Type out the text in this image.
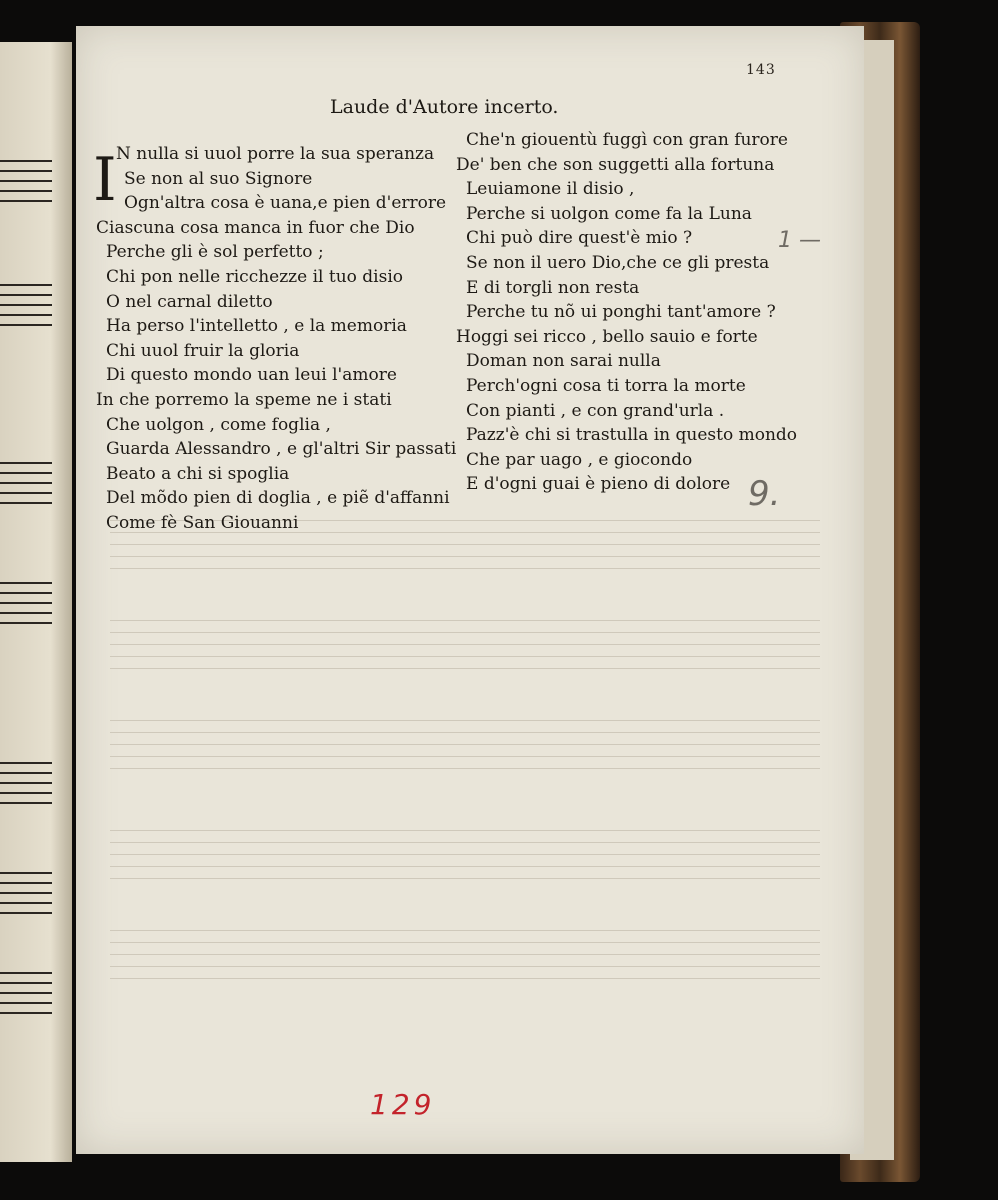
143
Laude d'Autore incerto.
I N nulla si uuol porre la sua speranza
Se non al suo Signore
Ogn'altra cosa è uana,e pien d'errore
Ciascuna cosa manca in fuor che Dio
Perche gli è sol perfetto ;
Chi pon nelle ricchezze il tuo disio
O nel carnal diletto
Ha perso l'intelletto , e la memoria
Chi uuol fruir la gloria
Di questo mondo uan leui l'amore
In che porremo la speme ne i stati
Che uolgon , come foglia ,
Guarda Alessandro , e gl'altri Sir passati
Beato a chi si spoglia
Del mõdo pien di doglia , e piẽ d'affanni
Come fè San Giouanni
Che'n giouentù fuggì con gran furore
De' ben che son suggetti alla fortuna
Leuiamone il disio ,
Perche si uolgon come fa la Luna
Chi può dire quest'è mio ?
Se non il uero Dio,che ce gli presta
E di torgli non resta
Perche tu nõ ui ponghi tant'amore ?
Hoggi sei ricco , bello sauio e forte
Doman non sarai nulla
Perch'ogni cosa ti torra la morte
Con pianti , e con grand'urla .
Pazz'è chi si trastulla in questo mondo
Che par uago , e giocondo
E d'ogni guai è pieno di dolore
1 —
9.
129
